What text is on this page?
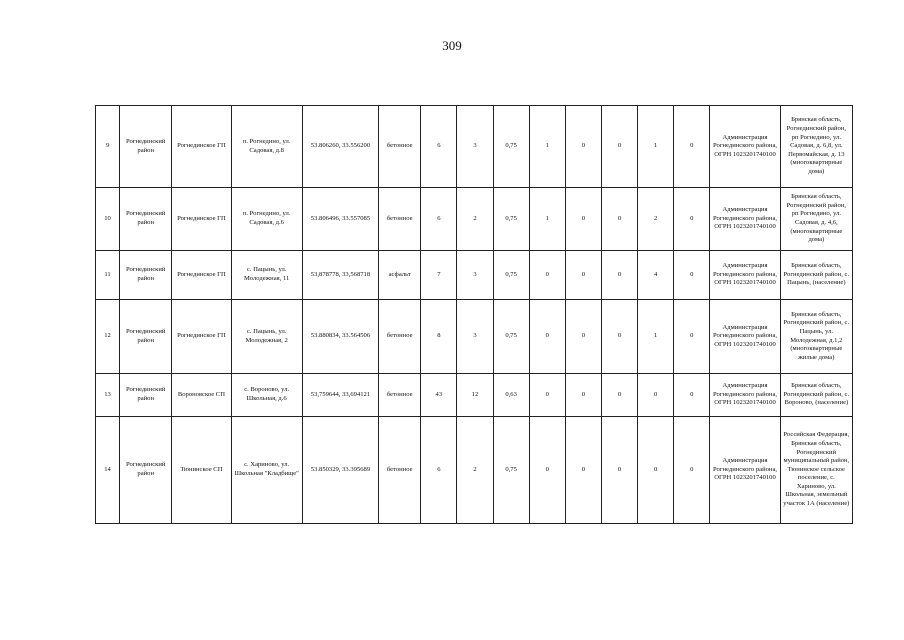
309
9	Рогнединский район	Рогнединское ГП	п. Рогнедино, ул. Садовая, д.8	53.806260, 33.556200	бетонное	6	3	0,75	1	0	0	1	0	Администрация Рогнединского района, ОГРН 1023201740100	Брянская область, Рогнединский район, рп Рогнедино, ул. Садовая, д. 6,8, ул. Первомайская, д. 13 (многоквартирные дома)
10	Рогнединский район	Рогнединское ГП	п. Рогнедино, ул. Садовая, д.6	53.806496, 33.557085	бетонное	6	2	0,75	1	0	0	2	0	Администрация Рогнединского района, ОГРН 1023201740100	Брянская область, Рогнединский район, рп Рогнедино, ул. Садовая, д. 4,6, (многоквартирные дома)
11	Рогнединский район	Рогнединское ГП	с. Пацынь, ул. Молодежная, 11	53,878778, 33,568718	асфальт	7	3	0,75	0	0	0	4	0	Администрация Рогнединского района, ОГРН 1023201740100	Брянская область, Рогнединский район, с. Пацынь, (население)
12	Рогнединский район	Рогнединское ГП	с. Пацынь, ул. Молодежная, 2	53.880834, 33.564506	бетонное	8	3	0,75	0	0	0	1	0	Администрация Рогнединского района, ОГРН 1023201740100	Брянская область, Рогнединский район, с. Пацынь, ул. Молодежная, д.1,2 (многоквартирные жилые дома)
13	Рогнединский район	Вороновское СП	с. Вороново, ул. Школьная, д.6	53,759644, 33,694121	бетонное	43	12	0,63	0	0	0	0	0	Администрация Рогнединского района, ОГРН 1023201740100	Брянская область, Рогнединский район, с. Вороново, (население)
14	Рогнединский район	Тюнинское СП	с. Хариново, ул. Школьная "Кладбище"	53.850329, 33.395689	бетонное	6	2	0,75	0	0	0	0	0	Администрация Рогнединского района, ОГРН 1023201740100	Российская Федерация, Брянская область, Рогнединский муниципальный район, Тюнинское сельское поселение, с. Хариново, ул. Школьная, земельный участок 1А (население)
